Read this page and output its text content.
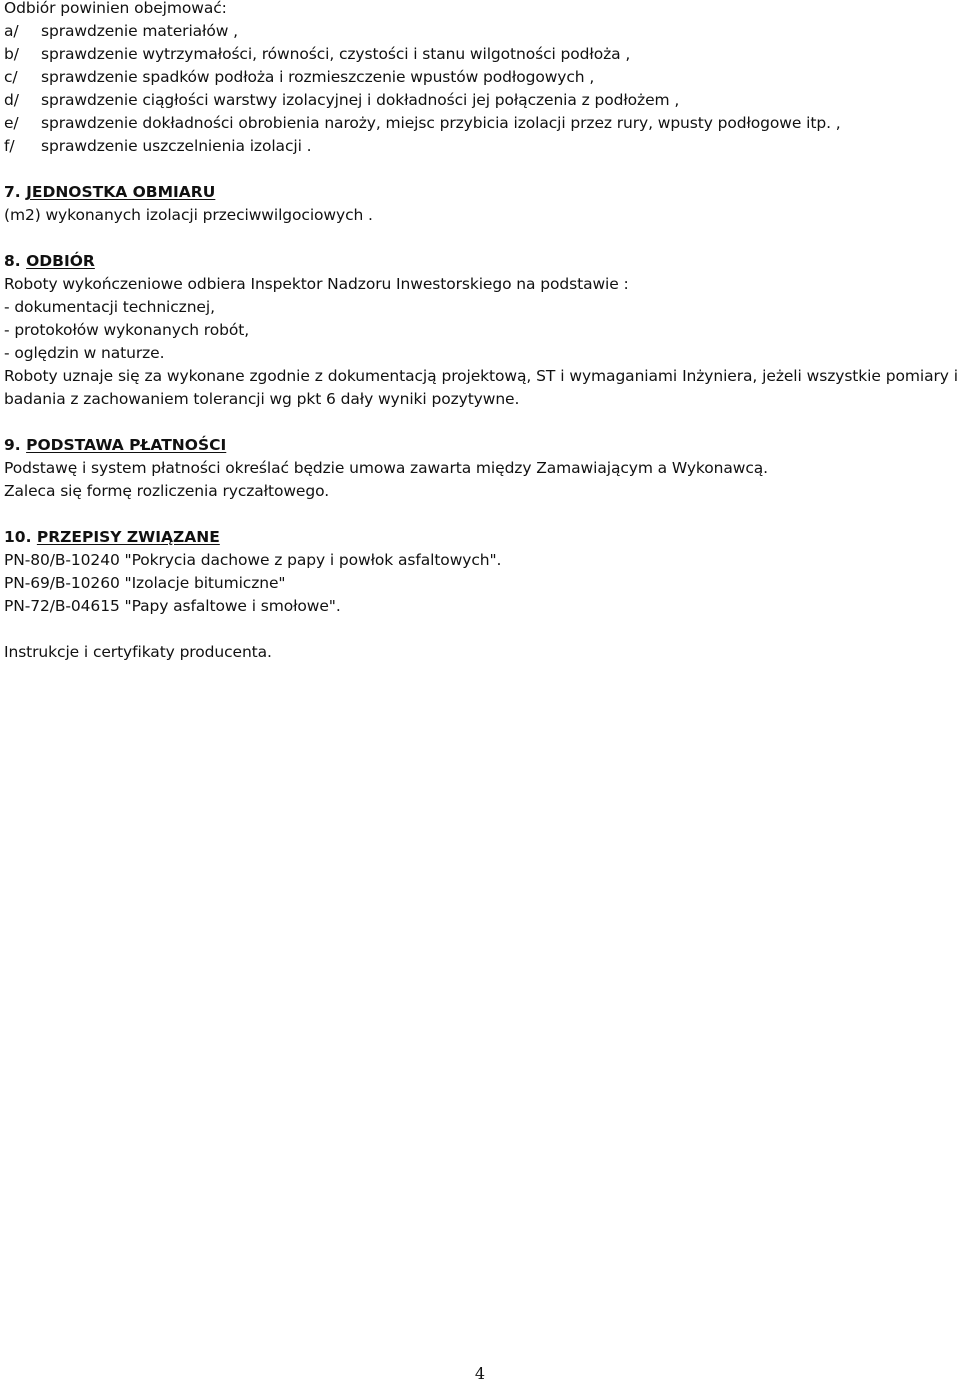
Odbiór powinien obejmować:
a/	sprawdzenie materiałów ,
b/	sprawdzenie wytrzymałości, równości, czystości i stanu wilgotności podłoża ,
c/	sprawdzenie spadków podłoża i rozmieszczenie wpustów podłogowych ,
d/	sprawdzenie ciągłości warstwy izolacyjnej i dokładności jej połączenia z podłożem ,
e/	sprawdzenie dokładności obrobienia naroży, miejsc przybicia izolacji przez rury, wpusty podłogowe itp. ,
f/	sprawdzenie uszczelnienia izolacji .
7. JEDNOSTKA OBMIARU
(m2) wykonanych izolacji przeciwwilgociowych .
8. ODBIÓR
Roboty wykończeniowe odbiera Inspektor Nadzoru Inwestorskiego na podstawie :
- dokumentacji technicznej,
- protokołów wykonanych robót,
- oględzin w naturze.
Roboty uznaje się za wykonane zgodnie z dokumentacją projektową, ST i wymaganiami Inżyniera, jeżeli wszystkie pomiary i badania z zachowaniem tolerancji wg pkt 6 dały wyniki pozytywne.
9. PODSTAWA PŁATNOŚCI
Podstawę i system płatności określać będzie umowa zawarta między Zamawiającym a Wykonawcą.
Zaleca się formę rozliczenia ryczałtowego.
10. PRZEPISY ZWIĄZANE
PN-80/B-10240 "Pokrycia dachowe z papy i powłok asfaltowych".
PN-69/B-10260 "Izolacje bitumiczne"
PN-72/B-04615 "Papy asfaltowe i smołowe".
Instrukcje i certyfikaty producenta.
4
